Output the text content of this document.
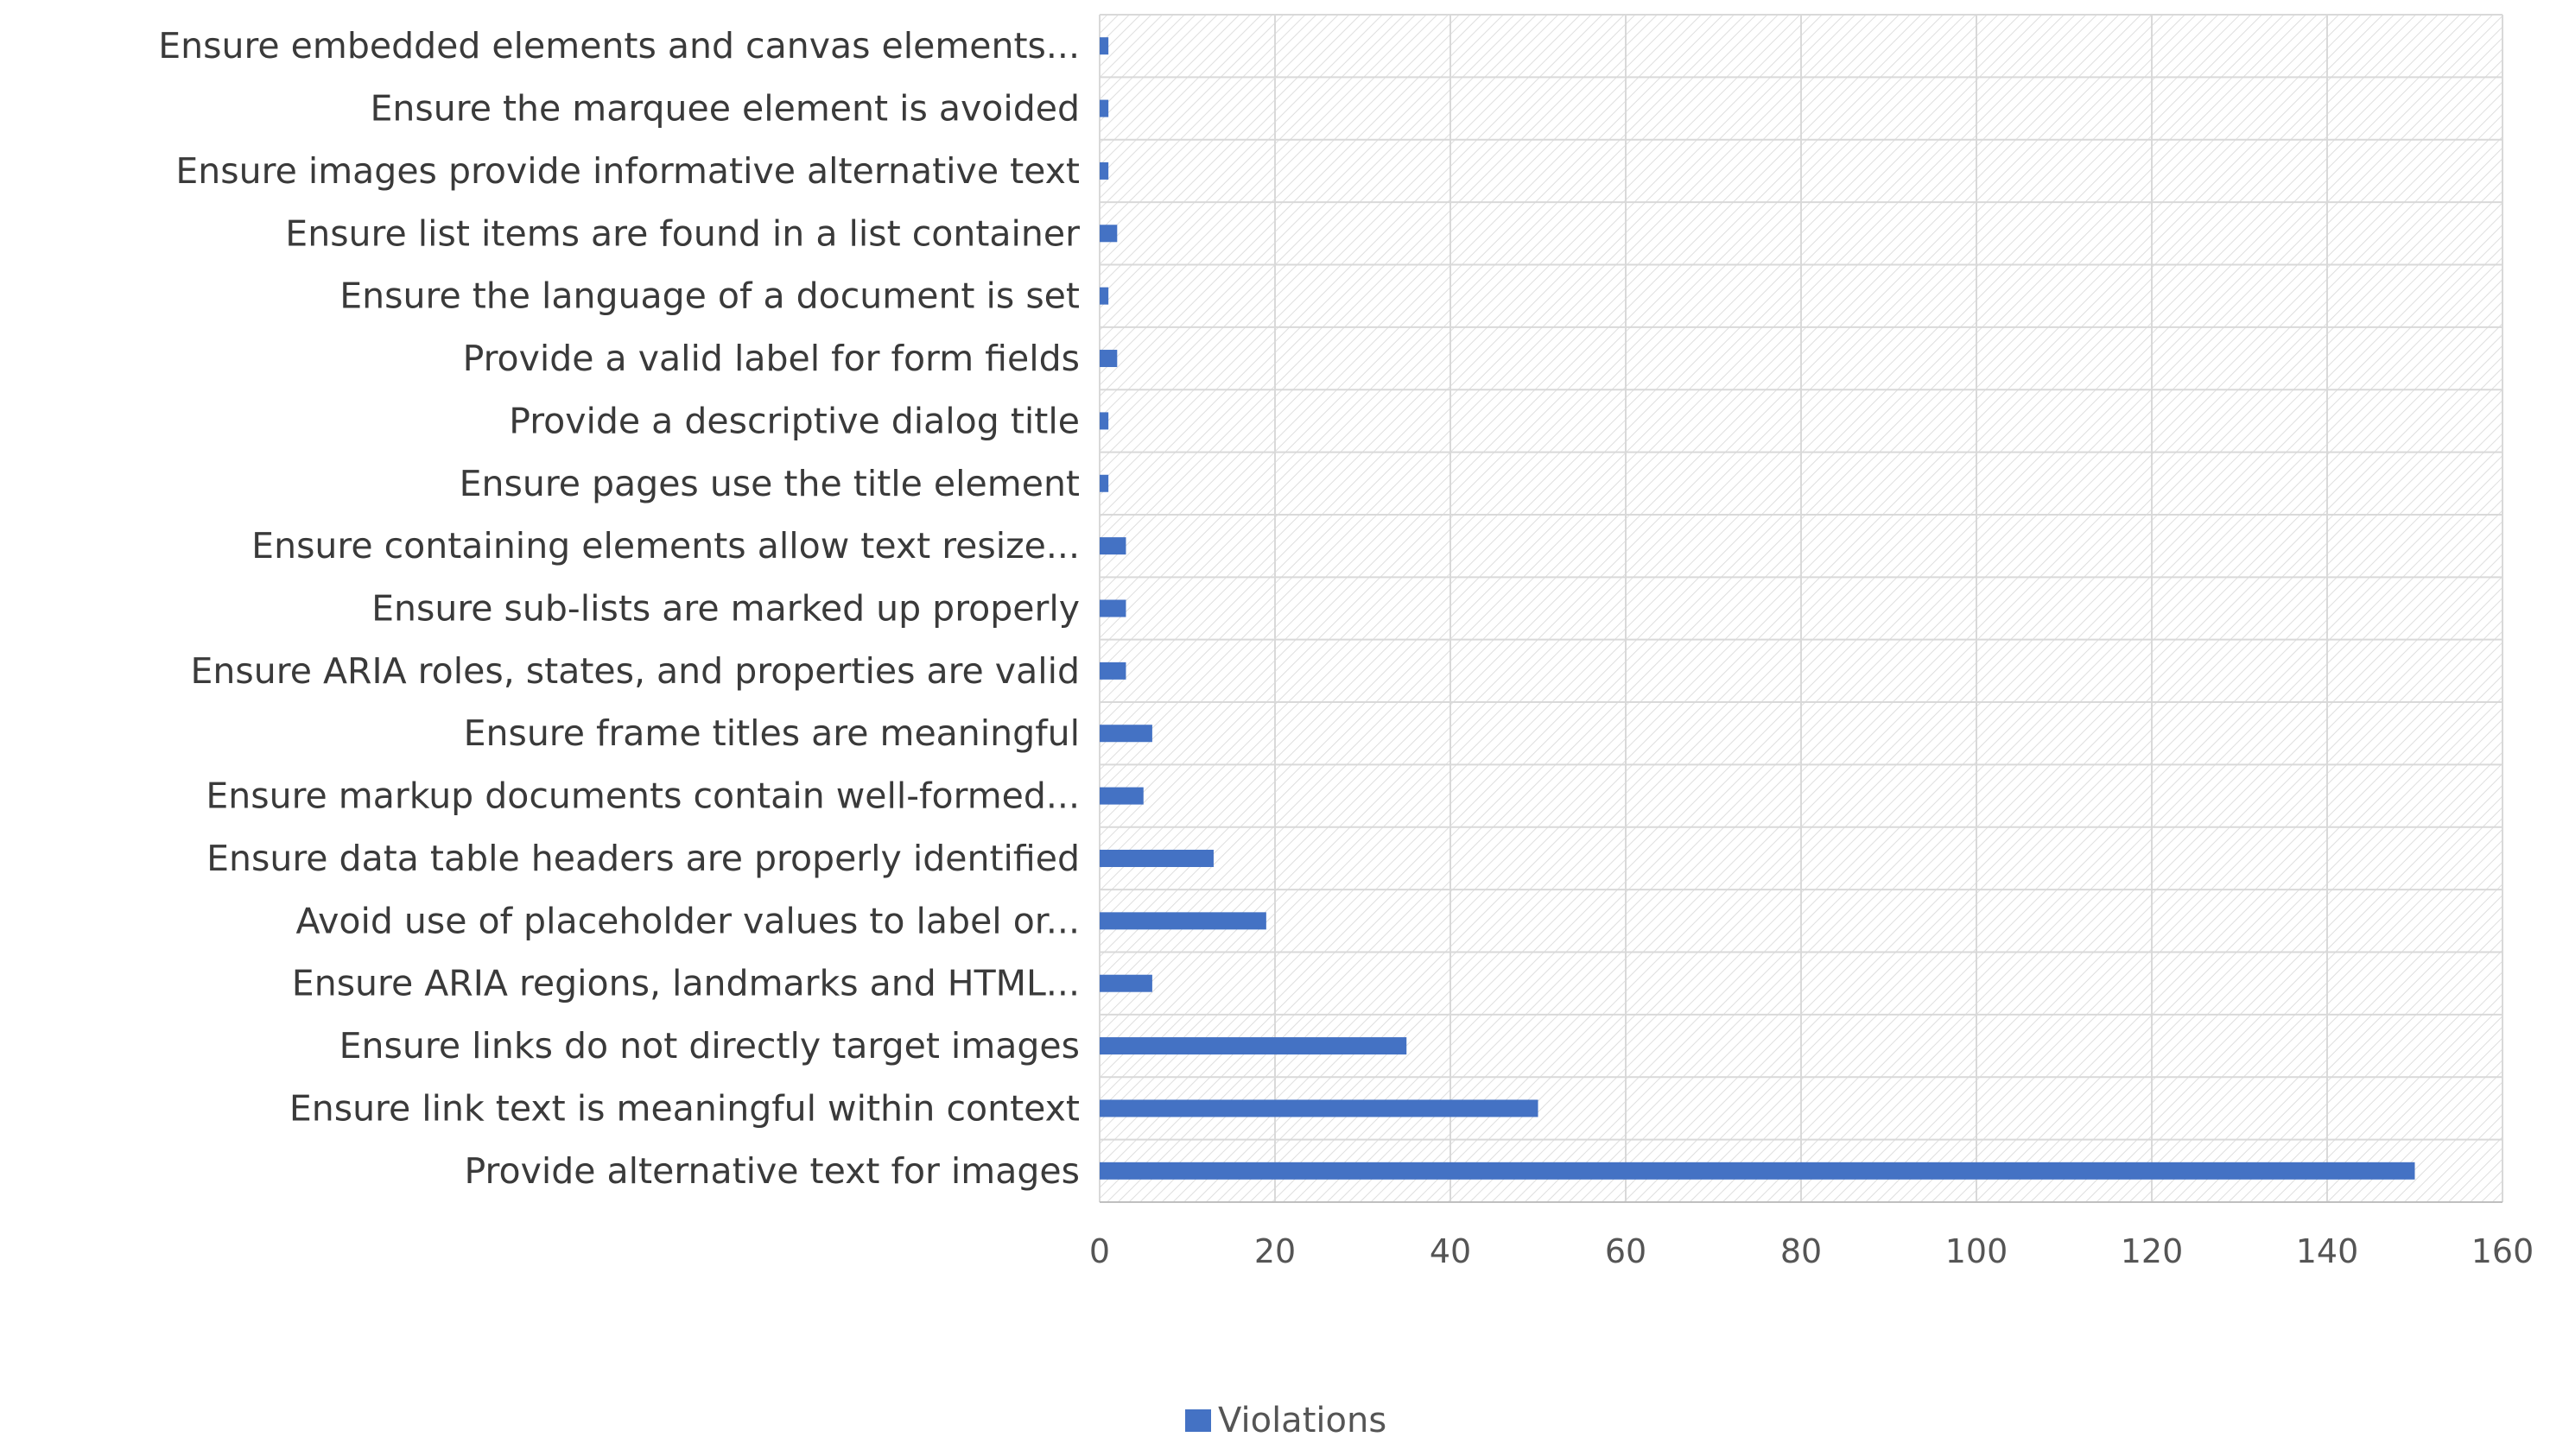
Provide alternative text for images
Ensure link text is meaningful within context
Ensure links do not directly target images
Ensure ARIA regions, landmarks and HTML...
Avoid use of placeholder values to label or...
Ensure data table headers are properly identified
Ensure markup documents contain well-formed...
Ensure frame titles are meaningful
Ensure ARIA roles, states, and properties are valid
Ensure sub-lists are marked up properly
Ensure containing elements allow text resize...
Ensure pages use the title element
Provide a descriptive dialog title
Provide a valid label for form fields
Ensure the language of a document is set
Ensure list items are found in a list container
Ensure images provide informative alternative text
Ensure the marquee element is avoided
Ensure embedded elements and canvas elements...
0	20	40	60	80	100	120	140	160
Violations
